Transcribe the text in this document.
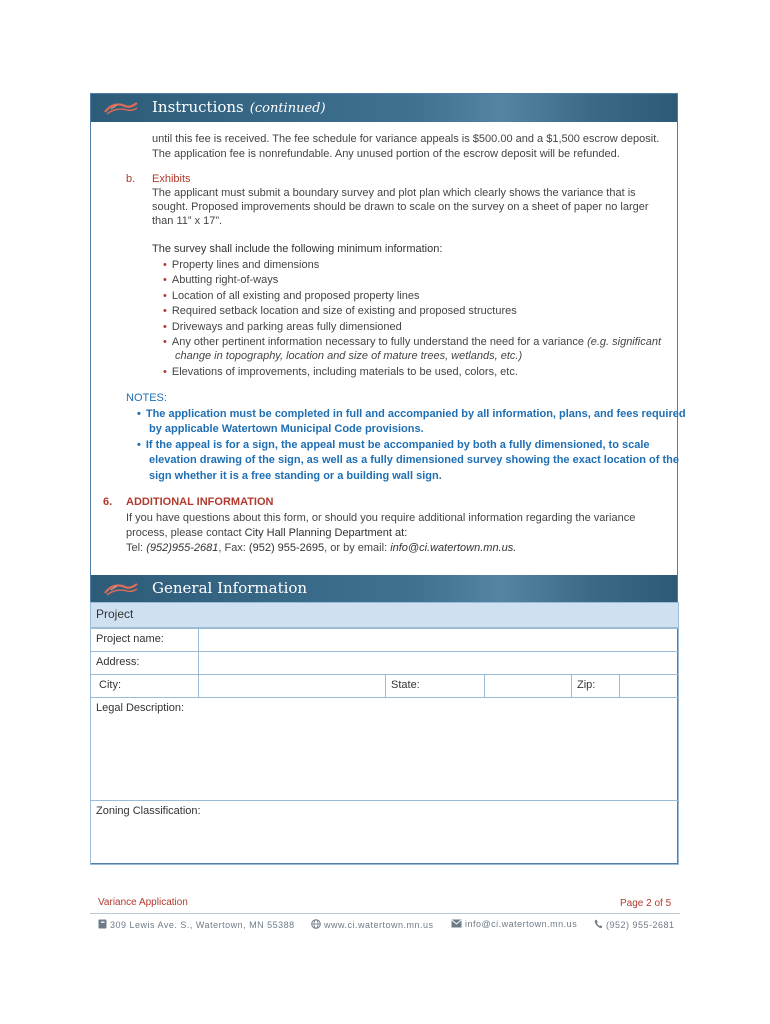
Instructions (continued)
General Information
until this fee is received. The fee schedule for variance appeals is $500.00 and a $1,500 escrow deposit.
The application fee is nonrefundable. Any unused portion of the escrow deposit will be refunded.
b. Exhibits
The applicant must submit a boundary survey and plot plan which clearly shows the variance that is
sought. Proposed improvements should be drawn to scale on the survey on a sheet of paper no larger
than 11” x 17”.
The survey shall include the following minimum information:
• Property lines and dimensions
• Abutting right-of-ways
• Location of all existing and proposed property lines
• Required setback location and size of existing and proposed structures
• Driveways and parking areas fully dimensioned
• Any other pertinent information necessary to fully understand the need for a variance (e.g. significant
change in topography, location and size of mature trees, wetlands, etc.)
• Elevations of improvements, including materials to be used, colors, etc.
NOTES:
• The application must be completed in full and accompanied by all information, plans, and fees required
by applicable Watertown Municipal Code provisions.
• If the appeal is for a sign, the appeal must be accompanied by both a fully dimensioned, to scale
elevation drawing of the sign, as well as a fully dimensioned survey showing the exact location of the
sign whether it is a free standing or a building wall sign.
6. ADDITIONAL INFORMATION
If you have questions about this form, or should you require additional information regarding the variance
process, please contact City Hall Planning Department at:
Tel: (952)955-2681, Fax: (952) 955-2695, or by email: info@ci.watertown.mn.us.
Project
Project name:
Address:
City:	State:	Zip:
Legal Description:
Zoning Classification:
Variance Application	Page 2 of 5
309 Lewis Ave. S., Watertown, MN 55388	www.ci.watertown.mn.us	info@ci.watertown.mn.us	(952) 955-2681
